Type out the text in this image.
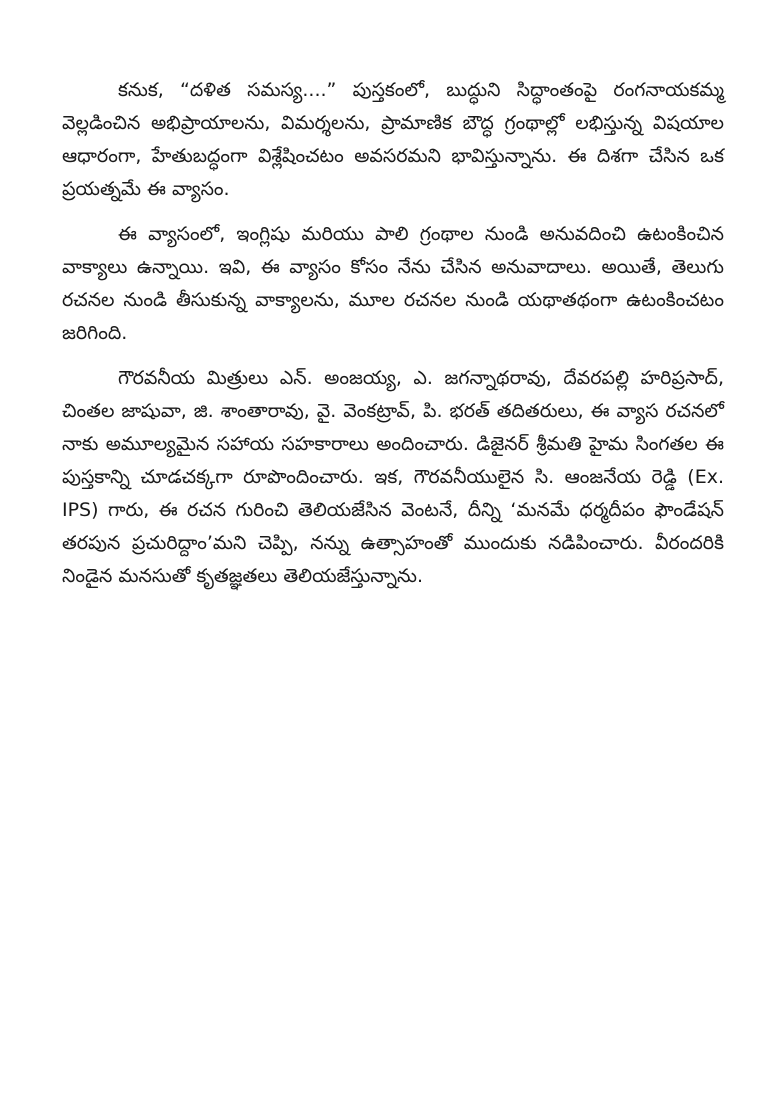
కనుక, “దళిత సమస్య....” పుస్తకంలో, బుద్ధుని సిద్ధాంతంపై రంగనాయకమ్మ వెల్లడించిన అభిప్రాయాలను, విమర్శలను, ప్రామాణిక బౌద్ధ గ్రంథాల్లో లభిస్తున్న విషయాల ఆధారంగా, హేతుబద్ధంగా విశ్లేషించటం అవసరమని భావిస్తున్నాను. ఈ దిశగా చేసిన ఒక ప్రయత్నమే ఈ వ్యాసం.

ఈ వ్యాసంలో, ఇంగ్లిషు మరియు పాలి గ్రంథాల నుండి అనువదించి ఉటంకించిన వాక్యాలు ఉన్నాయి. ఇవి, ఈ వ్యాసం కోసం నేను చేసిన అనువాదాలు. అయితే, తెలుగు రచనల నుండి తీసుకున్న వాక్యాలను, మూల రచనల నుండి యథాతథంగా ఉటంకించటం జరిగింది.

గౌరవనీయ మిత్రులు ఎన్. అంజయ్య, ఎ. జగన్నాథరావు, దేవరపల్లి హరిప్రసాద్, చింతల జాషువా, జి. శాంతారావు, వై. వెంకట్రావ్, పి. భరత్ తదితరులు, ఈ వ్యాస రచనలో నాకు అమూల్యమైన సహాయ సహకారాలు అందించారు. డిజైనర్ శ్రీమతి హైమ సింగతల ఈ పుస్తకాన్ని చూడచక్కగా రూపొందించారు. ఇక, గౌరవనీయులైన సి. ఆంజనేయ రెడ్డి (Ex. IPS) గారు, ఈ రచన గురించి తెలియజేసిన వెంటనే, దీన్ని ‘మనమే ధర్మదీపం ఫౌండేషన్ తరపున ప్రచురిద్దాం’మని చెప్పి, నన్ను ఉత్సాహంతో ముందుకు నడిపించారు. వీరందరికి నిండైన మనసుతో కృతజ్ఞతలు తెలియజేస్తున్నాను.
